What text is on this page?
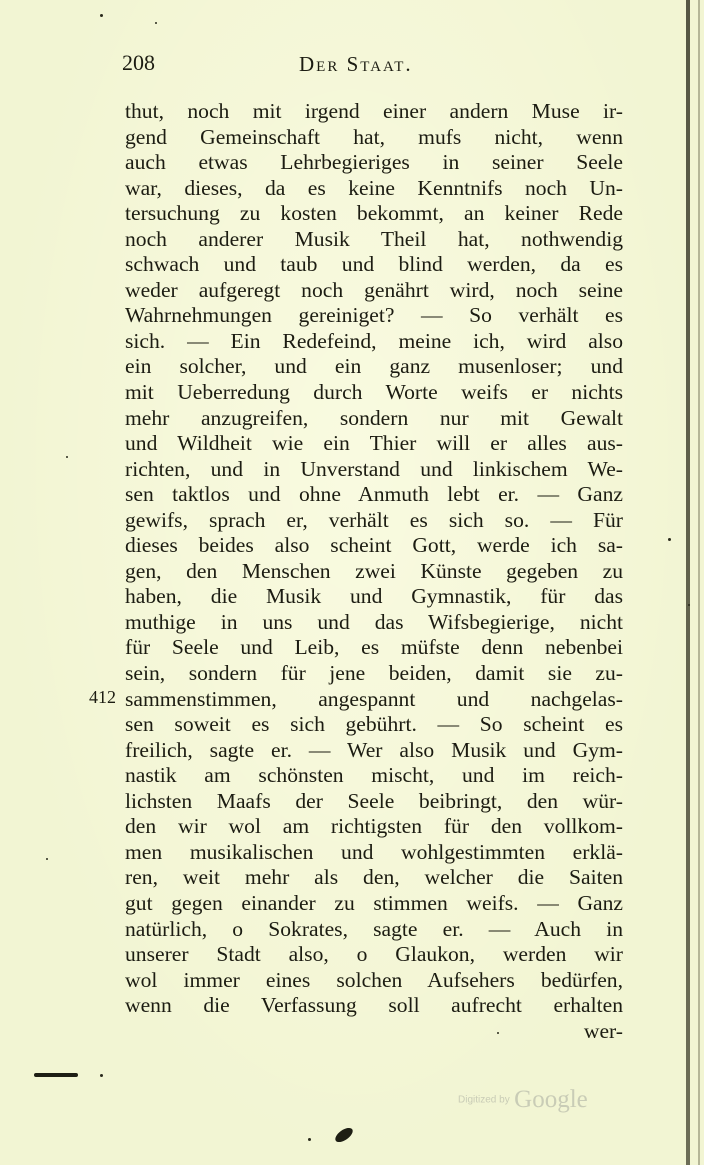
208	Der Staat.
412
thut, noch mit irgend einer andern Muse ir-
gend Gemeinschaft hat, mufs nicht, wenn
auch etwas Lehrbegieriges in seiner Seele
war, dieses, da es keine Kenntnifs noch Un-
tersuchung zu kosten bekommt, an keiner Rede
noch anderer Musik Theil hat, nothwendig
schwach und taub und blind werden, da es
weder aufgeregt noch genährt wird, noch seine
Wahrnehmungen gereiniget? — So verhält es
sich. — Ein Redefeind, meine ich, wird also
ein solcher, und ein ganz musenloser; und
mit Ueberredung durch Worte weifs er nichts
mehr anzugreifen, sondern nur mit Gewalt
und Wildheit wie ein Thier will er alles aus-
richten, und in Unverstand und linkischem We-
sen taktlos und ohne Anmuth lebt er. — Ganz
gewifs, sprach er, verhält es sich so. — Für
dieses beides also scheint Gott, werde ich sa-
gen, den Menschen zwei Künste gegeben zu
haben, die Musik und Gymnastik, für das
muthige in uns und das Wifsbegierige, nicht
für Seele und Leib, es müfste denn nebenbei
sein, sondern für jene beiden, damit sie zu-
sammenstimmen, angespannt und nachgelas-
sen soweit es sich gebührt. — So scheint es
freilich, sagte er. — Wer also Musik und Gym-
nastik am schönsten mischt, und im reich-
lichsten Maafs der Seele beibringt, den wür-
den wir wol am richtigsten für den vollkom-
men musikalischen und wohlgestimmten erklä-
ren, weit mehr als den, welcher die Saiten
gut gegen einander zu stimmen weifs. — Ganz
natürlich, o Sokrates, sagte er. — Auch in
unserer Stadt also, o Glaukon, werden wir
wol immer eines solchen Aufsehers bedürfen,
wenn die Verfassung soll aufrecht erhalten
wer-
Digitized by Google
